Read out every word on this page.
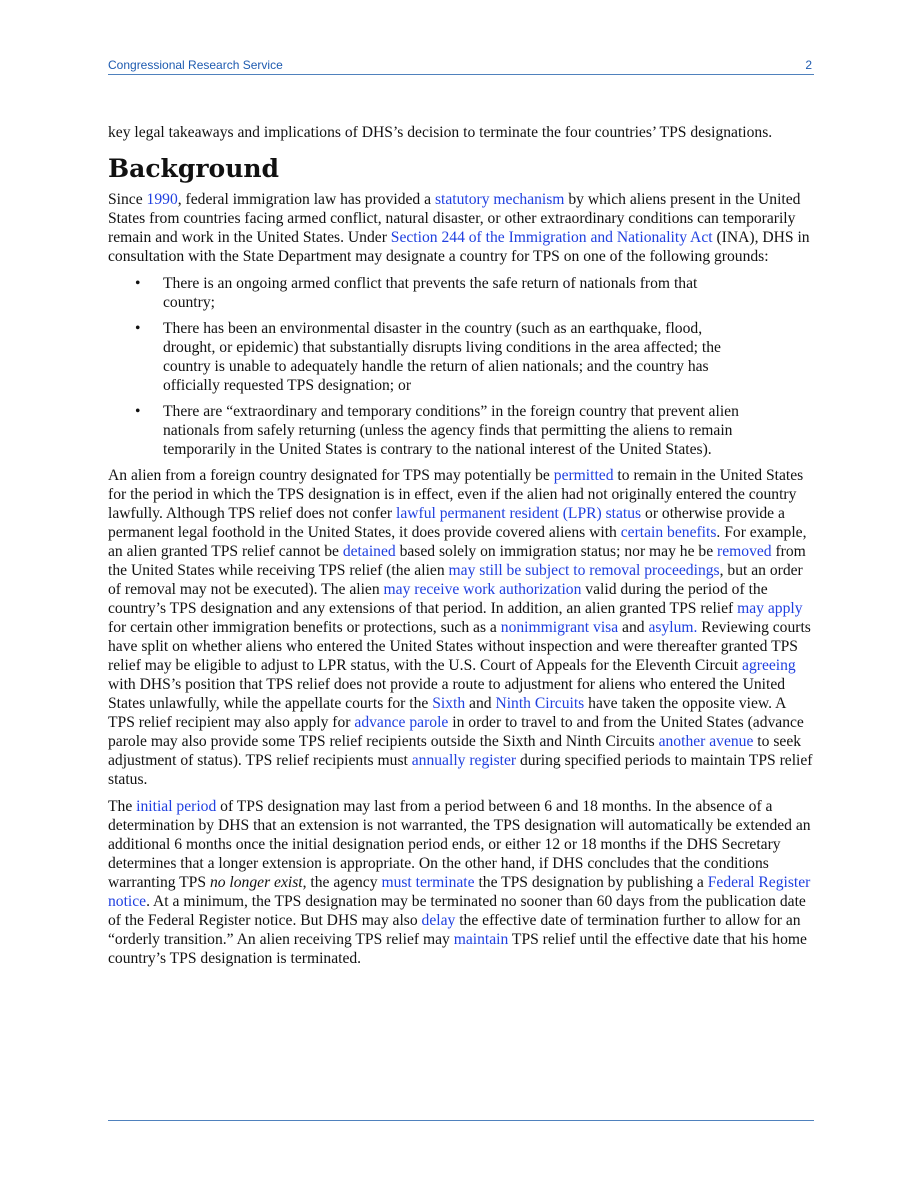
Congressional Research Service	2

key legal takeaways and implications of DHS’s decision to terminate the four countries’ TPS designations.

Background

Since 1990, federal immigration law has provided a statutory mechanism by which aliens present in the United States from countries facing armed conflict, natural disaster, or other extraordinary conditions can temporarily remain and work in the United States. Under Section 244 of the Immigration and Nationality Act (INA), DHS in consultation with the State Department may designate a country for TPS on one of the following grounds:

• There is an ongoing armed conflict that prevents the safe return of nationals from that country;
• There has been an environmental disaster in the country (such as an earthquake, flood, drought, or epidemic) that substantially disrupts living conditions in the area affected; the country is unable to adequately handle the return of alien nationals; and the country has officially requested TPS designation; or
• There are “extraordinary and temporary conditions” in the foreign country that prevent alien nationals from safely returning (unless the agency finds that permitting the aliens to remain temporarily in the United States is contrary to the national interest of the United States).

An alien from a foreign country designated for TPS may potentially be permitted to remain in the United States for the period in which the TPS designation is in effect, even if the alien had not originally entered the country lawfully. Although TPS relief does not confer lawful permanent resident (LPR) status or otherwise provide a permanent legal foothold in the United States, it does provide covered aliens with certain benefits. For example, an alien granted TPS relief cannot be detained based solely on immigration status; nor may he be removed from the United States while receiving TPS relief (the alien may still be subject to removal proceedings, but an order of removal may not be executed). The alien may receive work authorization valid during the period of the country’s TPS designation and any extensions of that period. In addition, an alien granted TPS relief may apply for certain other immigration benefits or protections, such as a nonimmigrant visa and asylum. Reviewing courts have split on whether aliens who entered the United States without inspection and were thereafter granted TPS relief may be eligible to adjust to LPR status, with the U.S. Court of Appeals for the Eleventh Circuit agreeing with DHS’s position that TPS relief does not provide a route to adjustment for aliens who entered the United States unlawfully, while the appellate courts for the Sixth and Ninth Circuits have taken the opposite view. A TPS relief recipient may also apply for advance parole in order to travel to and from the United States (advance parole may also provide some TPS relief recipients outside the Sixth and Ninth Circuits another avenue to seek adjustment of status). TPS relief recipients must annually register during specified periods to maintain TPS relief status.

The initial period of TPS designation may last from a period between 6 and 18 months. In the absence of a determination by DHS that an extension is not warranted, the TPS designation will automatically be extended an additional 6 months once the initial designation period ends, or either 12 or 18 months if the DHS Secretary determines that a longer extension is appropriate. On the other hand, if DHS concludes that the conditions warranting TPS no longer exist, the agency must terminate the TPS designation by publishing a Federal Register notice. At a minimum, the TPS designation may be terminated no sooner than 60 days from the publication date of the Federal Register notice. But DHS may also delay the effective date of termination further to allow for an “orderly transition.” An alien receiving TPS relief may maintain TPS relief until the effective date that his home country’s TPS designation is terminated.
